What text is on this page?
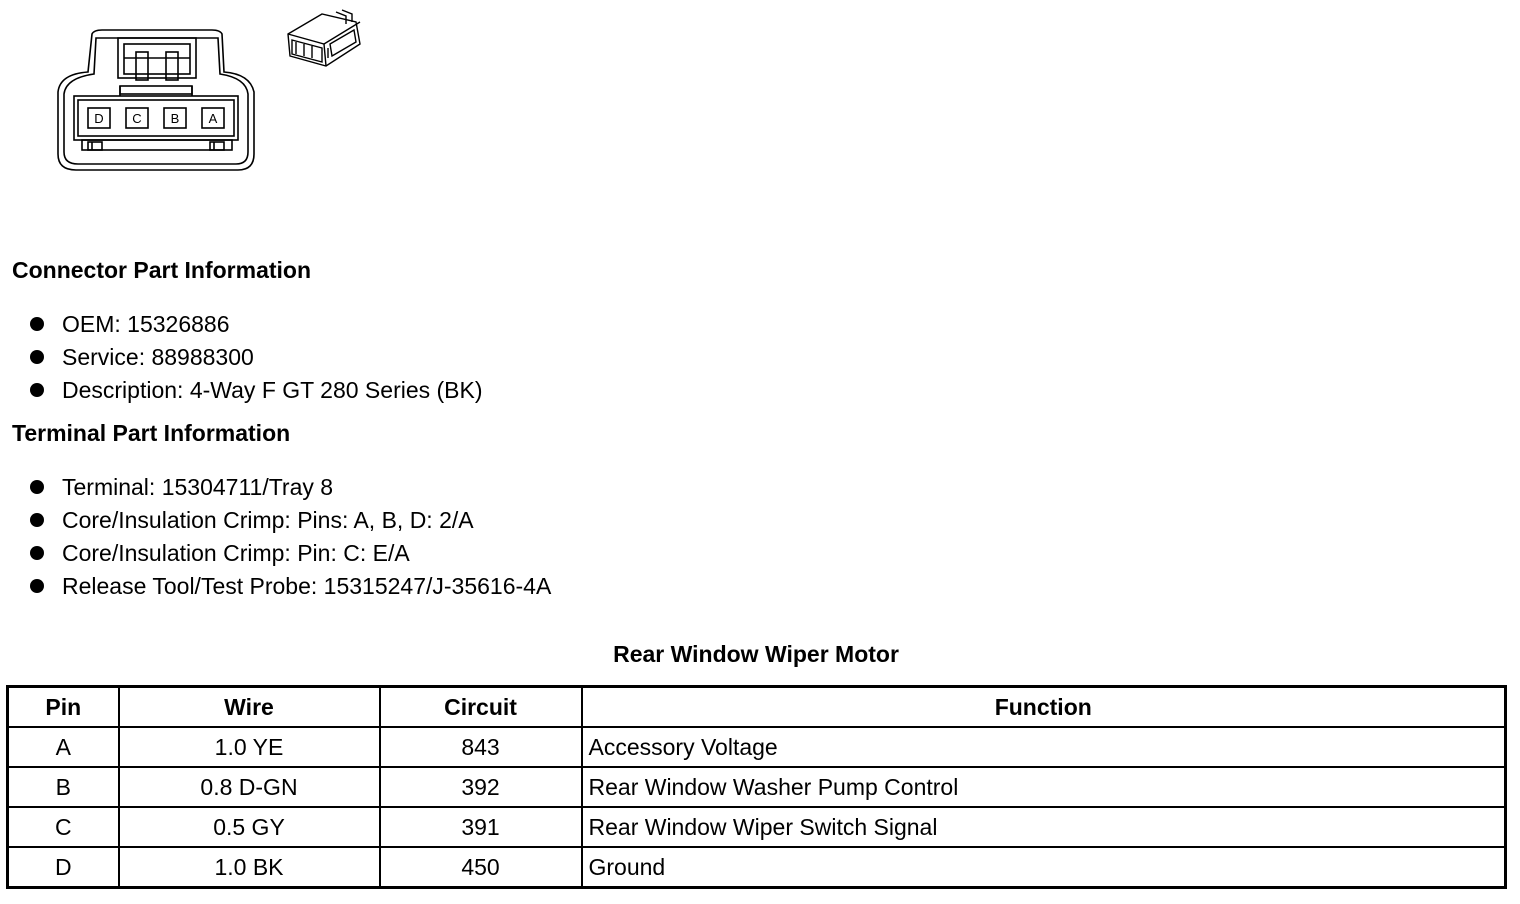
D C B A
Connector Part Information
OEM: 15326886
Service: 88988300
Description: 4-Way F GT 280 Series (BK)
Terminal Part Information
Terminal: 15304711/Tray 8
Core/Insulation Crimp: Pins: A, B, D: 2/A
Core/Insulation Crimp: Pin: C: E/A
Release Tool/Test Probe: 15315247/J-35616-4A
Rear Window Wiper Motor
Pin	Wire	Circuit	Function
A	1.0 YE	843	Accessory Voltage
B	0.8 D-GN	392	Rear Window Washer Pump Control
C	0.5 GY	391	Rear Window Wiper Switch Signal
D	1.0 BK	450	Ground
